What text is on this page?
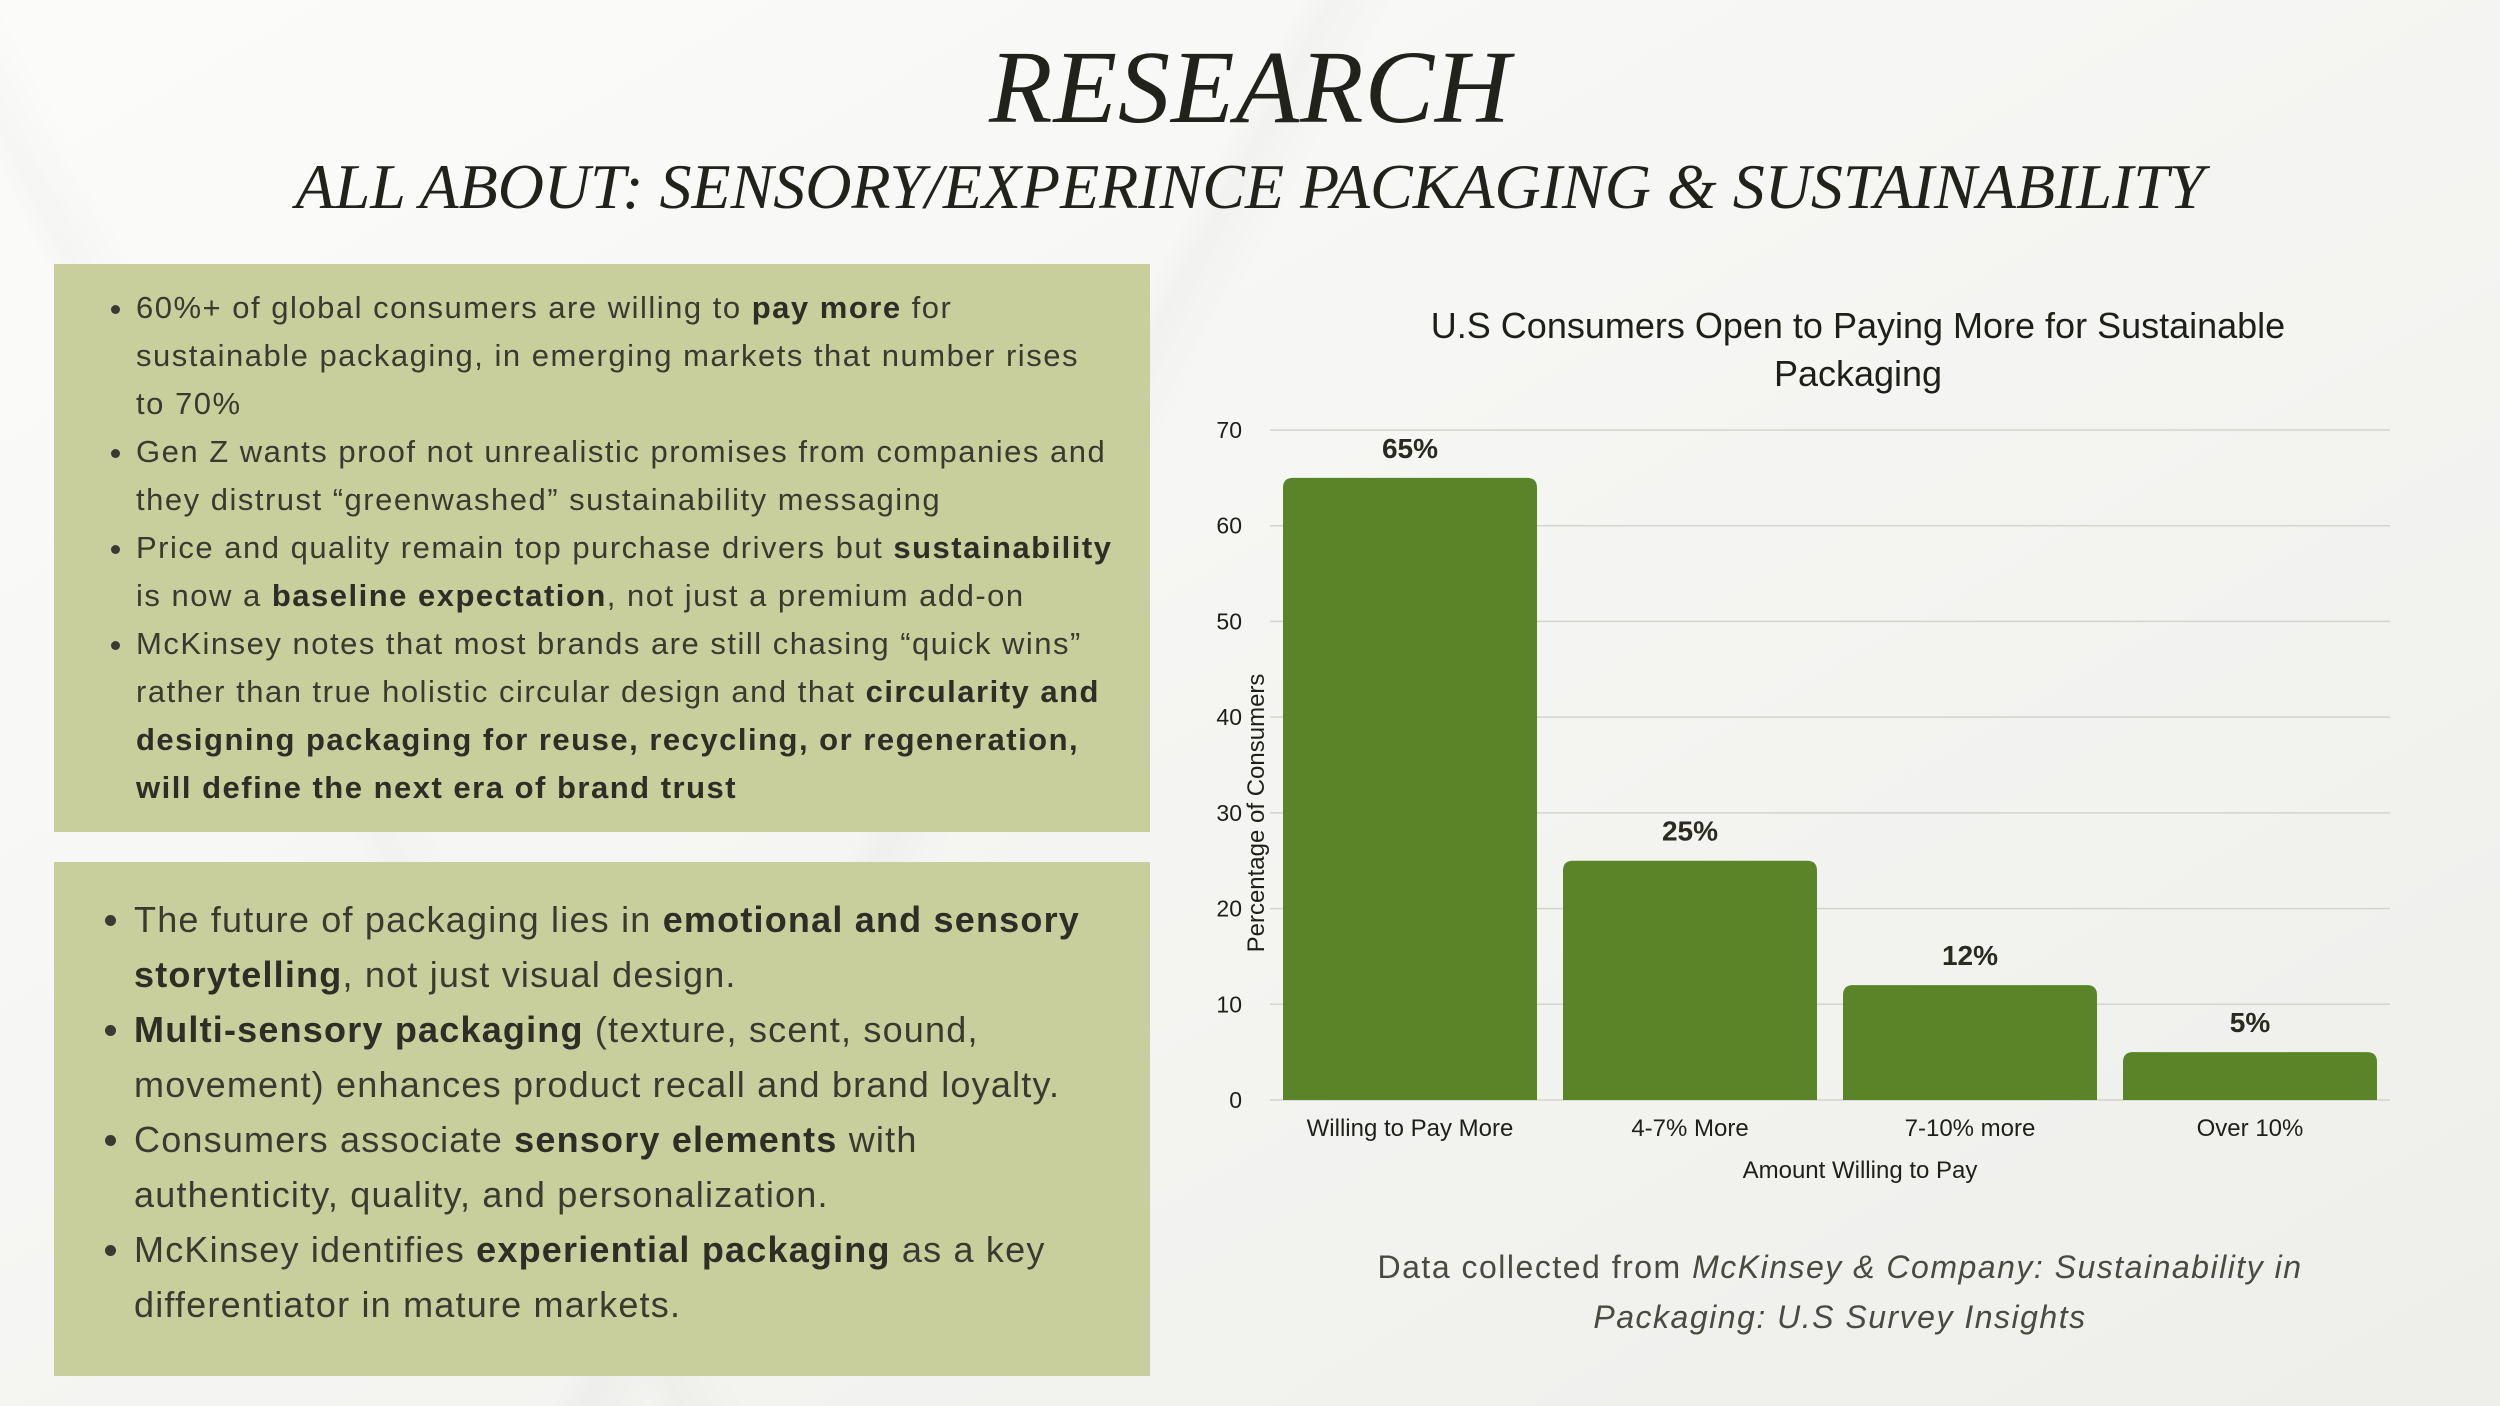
RESEARCH
ALL ABOUT: SENSORY/EXPERINCE PACKAGING & SUSTAINABILITY
• 60%+ of global consumers are willing to pay more for sustainable packaging, in emerging markets that number rises to 70%
• Gen Z wants proof not unrealistic promises from companies and they distrust “greenwashed” sustainability messaging
• Price and quality remain top purchase drivers but sustainability is now a baseline expectation, not just a premium add-on
• McKinsey notes that most brands are still chasing “quick wins” rather than true holistic circular design and that circularity and designing packaging for reuse, recycling, or regeneration, will define the next era of brand trust
• The future of packaging lies in emotional and sensory storytelling, not just visual design.
• Multi-sensory packaging (texture, scent, sound, movement) enhances product recall and brand loyalty.
• Consumers associate sensory elements with authenticity, quality, and personalization.
• McKinsey identifies experiential packaging as a key differentiator in mature markets.
U.S Consumers Open to Paying More for Sustainable
Packaging
0
10
20
30
40
50
60
70
65%
25%
12%
5%
Willing to Pay More	4-7% More	7-10% more	Over 10%
Amount Willing to Pay
Percentage of Consumers
Data collected from McKinsey & Company: Sustainability in Packaging: U.S Survey Insights
